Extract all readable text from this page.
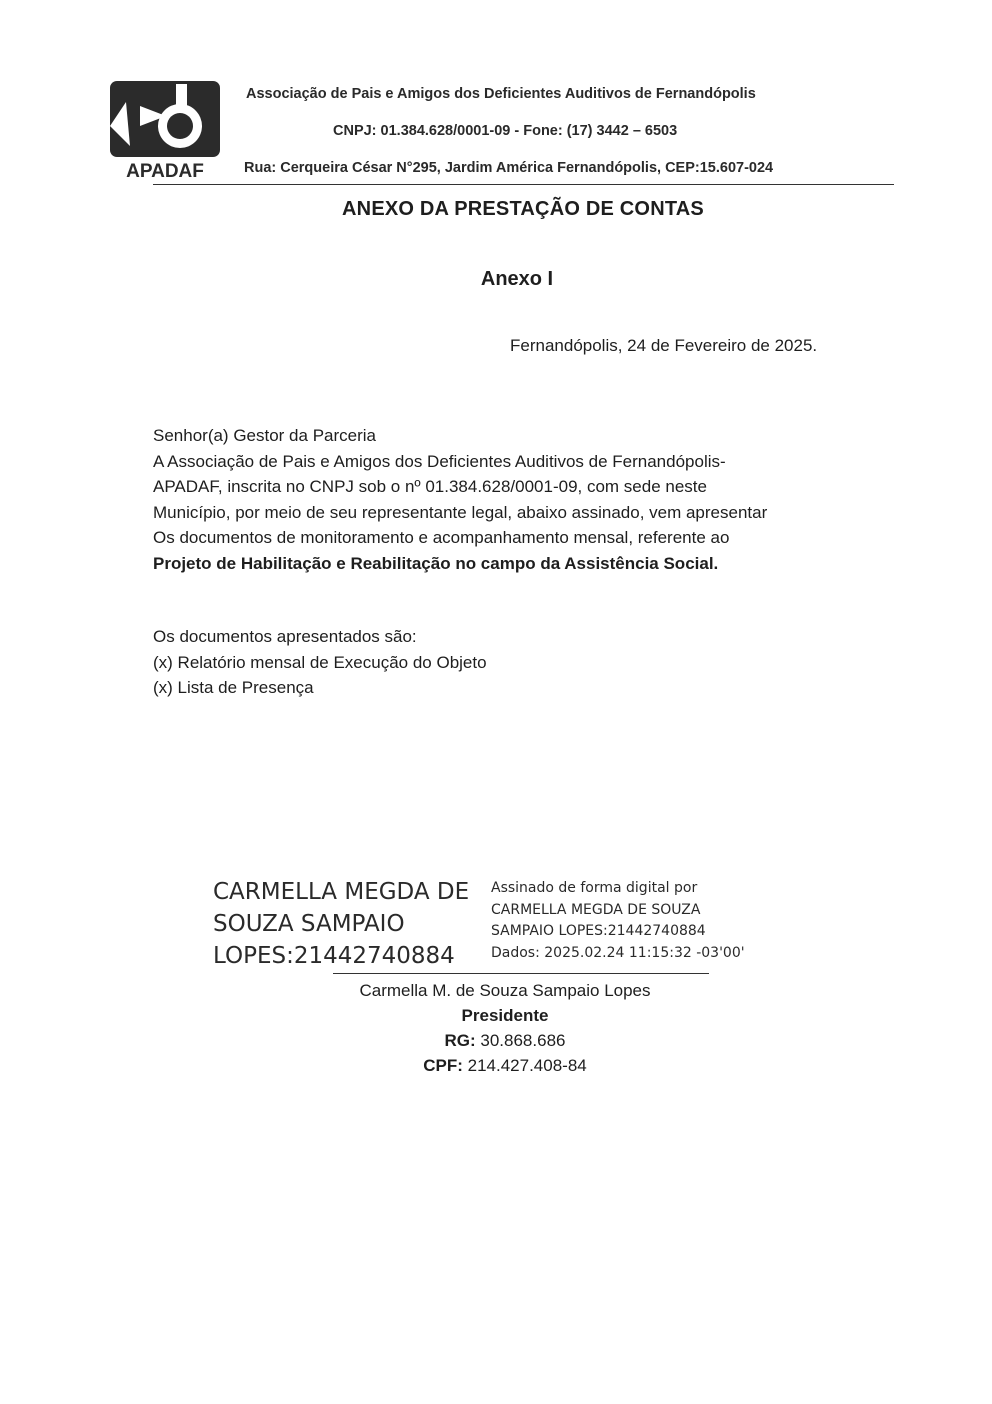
APADAF
Associação de Pais e Amigos dos Deficientes Auditivos de Fernandópolis
CNPJ: 01.384.628/0001-09 - Fone: (17) 3442 – 6503
Rua: Cerqueira César N°295, Jardim América Fernandópolis, CEP:15.607-024
ANEXO DA PRESTAÇÃO DE CONTAS
Anexo I
Fernandópolis, 24 de Fevereiro de 2025.
Senhor(a) Gestor da Parceria
A Associação de Pais e Amigos dos Deficientes Auditivos de Fernandópolis-
APADAF, inscrita no CNPJ sob o nº 01.384.628/0001-09, com sede neste
Município, por meio de seu representante legal, abaixo assinado, vem apresentar
Os documentos de monitoramento e acompanhamento mensal, referente ao
Projeto de Habilitação e Reabilitação no campo da Assistência Social.
Os documentos apresentados são:
(x) Relatório mensal de Execução do Objeto
(x) Lista de Presença
CARMELLA MEGDA DE
SOUZA SAMPAIO
LOPES:21442740884
Assinado de forma digital por
CARMELLA MEGDA DE SOUZA
SAMPAIO LOPES:21442740884
Dados: 2025.02.24 11:15:32 -03'00'
Carmella M. de Souza Sampaio Lopes
Presidente
RG: 30.868.686
CPF: 214.427.408-84
